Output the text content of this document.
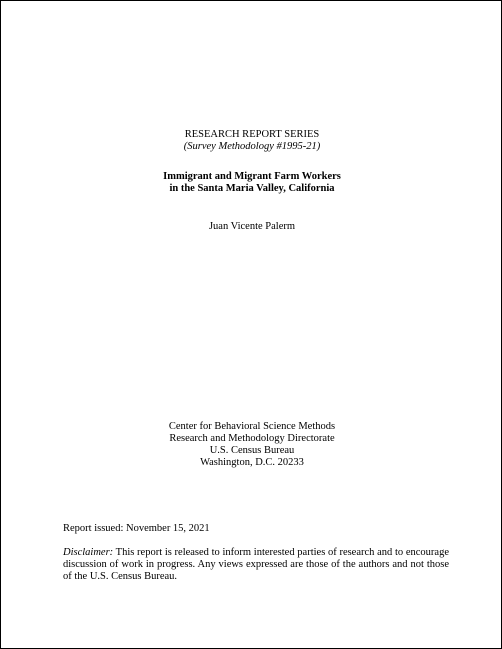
RESEARCH REPORT SERIES
(Survey Methodology #1995-21)
Immigrant and Migrant Farm Workers
in the Santa Maria Valley, California
Juan Vicente Palerm
Center for Behavioral Science Methods
Research and Methodology Directorate
U.S. Census Bureau
Washington, D.C. 20233
Report issued: November 15, 2021
Disclaimer: This report is released to inform interested parties of research and to encourage discussion of work in progress. Any views expressed are those of the authors and not those of the U.S. Census Bureau.
